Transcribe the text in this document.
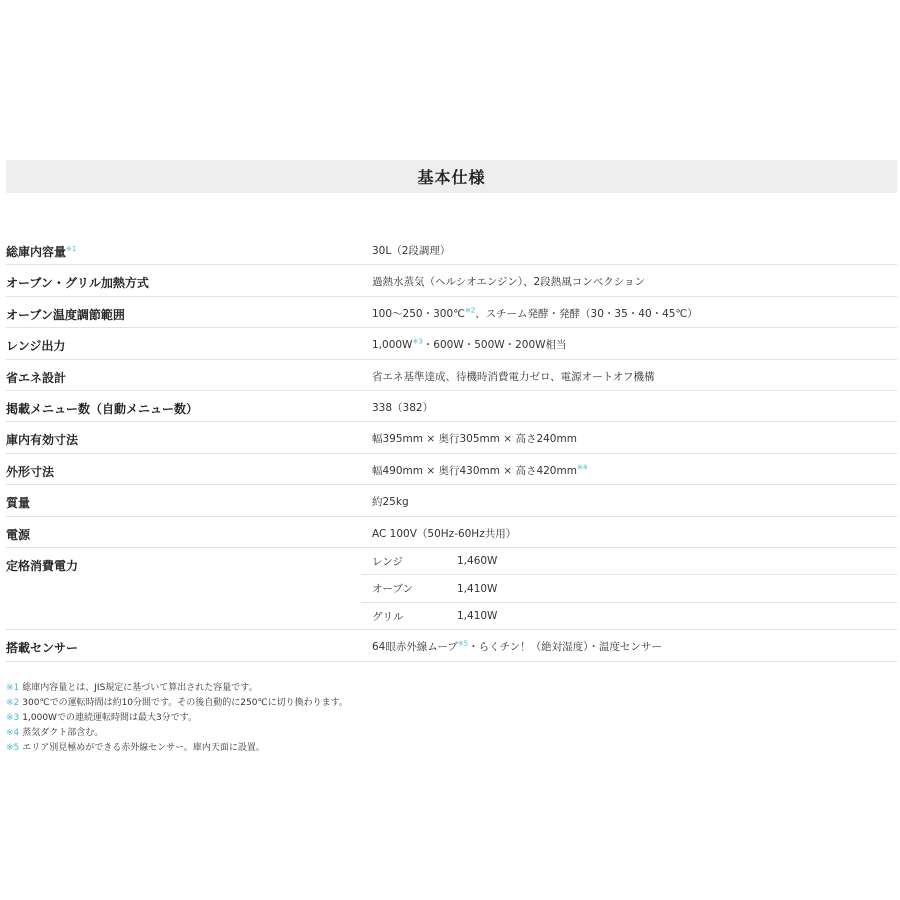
基本仕様
総庫内容量$^{※1}$	30L（2段調理）
オーブン・グリル加熱方式	過熱水蒸気（ヘルシオエンジン）、2段熱風コンベクション
オーブン温度調節範囲	100〜250・300℃$^{※2}$、スチーム発酵・発酵（30・35・40・45℃）
レンジ出力	1,000W$^{※3}$・600W・500W・200W相当
省エネ設計	省エネ基準達成、待機時消費電力ゼロ、電源オートオフ機構
掲載メニュー数（自動メニュー数）	338（382）
庫内有効寸法	幅395mm × 奥行305mm × 高さ240mm
外形寸法	幅490mm × 奥行430mm × 高さ420mm$^{※4}$
質量	約25kg
電源	AC 100V（50Hz-60Hz共用）
定格消費電力	レンジ	1,460W
オーブン	1,410W
グリル	1,410W
搭載センサー	64眼赤外線ムーブ$^{※5}$・らくチン！（絶対湿度）・温度センサー
※1 総庫内容量とは、JIS規定に基づいて算出された容量です。
※2 300℃での運転時間は約10分間です。その後自動的に250℃に切り換わります。
※3 1,000Wでの連続運転時間は最大3分です。
※4 蒸気ダクト部含む。
※5 エリア別見極めができる赤外線センサー。庫内天面に設置。
